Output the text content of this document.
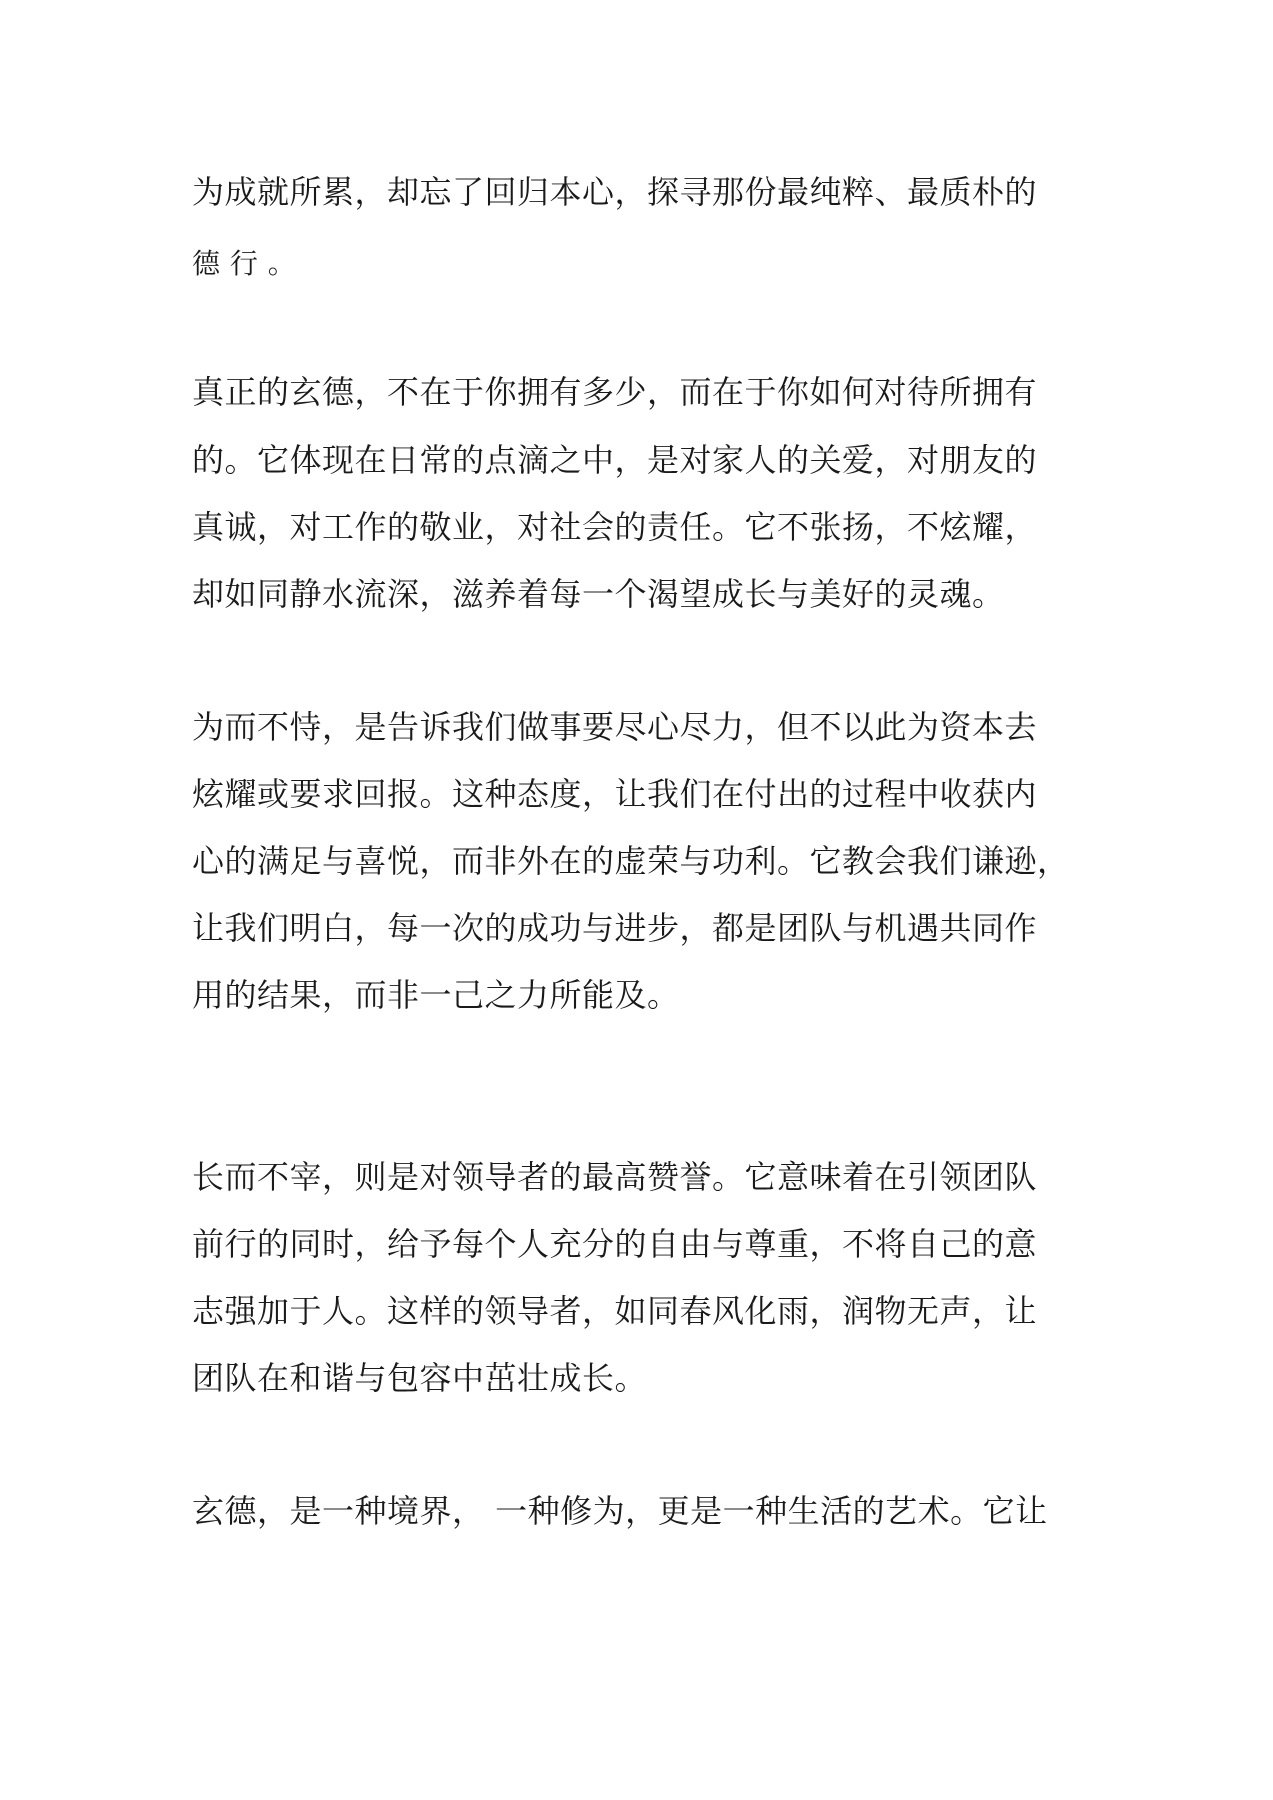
为成就所累，却忘了回归本心，探寻那份最纯粹、最质朴的
德 行 。
真正的玄德，不在于你拥有多少，而在于你如何对待所拥有
的。它体现在日常的点滴之中，是对家人的关爱，对朋友的
真诚，对工作的敬业，对社会的责任。它不张扬，不炫耀，
却如同静水流深，滋养着每一个渴望成长与美好的灵魂。
为而不恃，是告诉我们做事要尽心尽力，但不以此为资本去
炫耀或要求回报。这种态度，让我们在付出的过程中收获内
心的满足与喜悦，而非外在的虚荣与功利。它教会我们谦逊，
让我们明白，每一次的成功与进步，都是团队与机遇共同作
用的结果，而非一己之力所能及。
长而不宰，则是对领导者的最高赞誉。它意味着在引领团队
前行的同时，给予每个人充分的自由与尊重，不将自己的意
志强加于人。这样的领导者，如同春风化雨，润物无声，让
团队在和谐与包容中茁壮成长。
玄德，是一种境界， 一种修为，更是一种生活的艺术。它让
